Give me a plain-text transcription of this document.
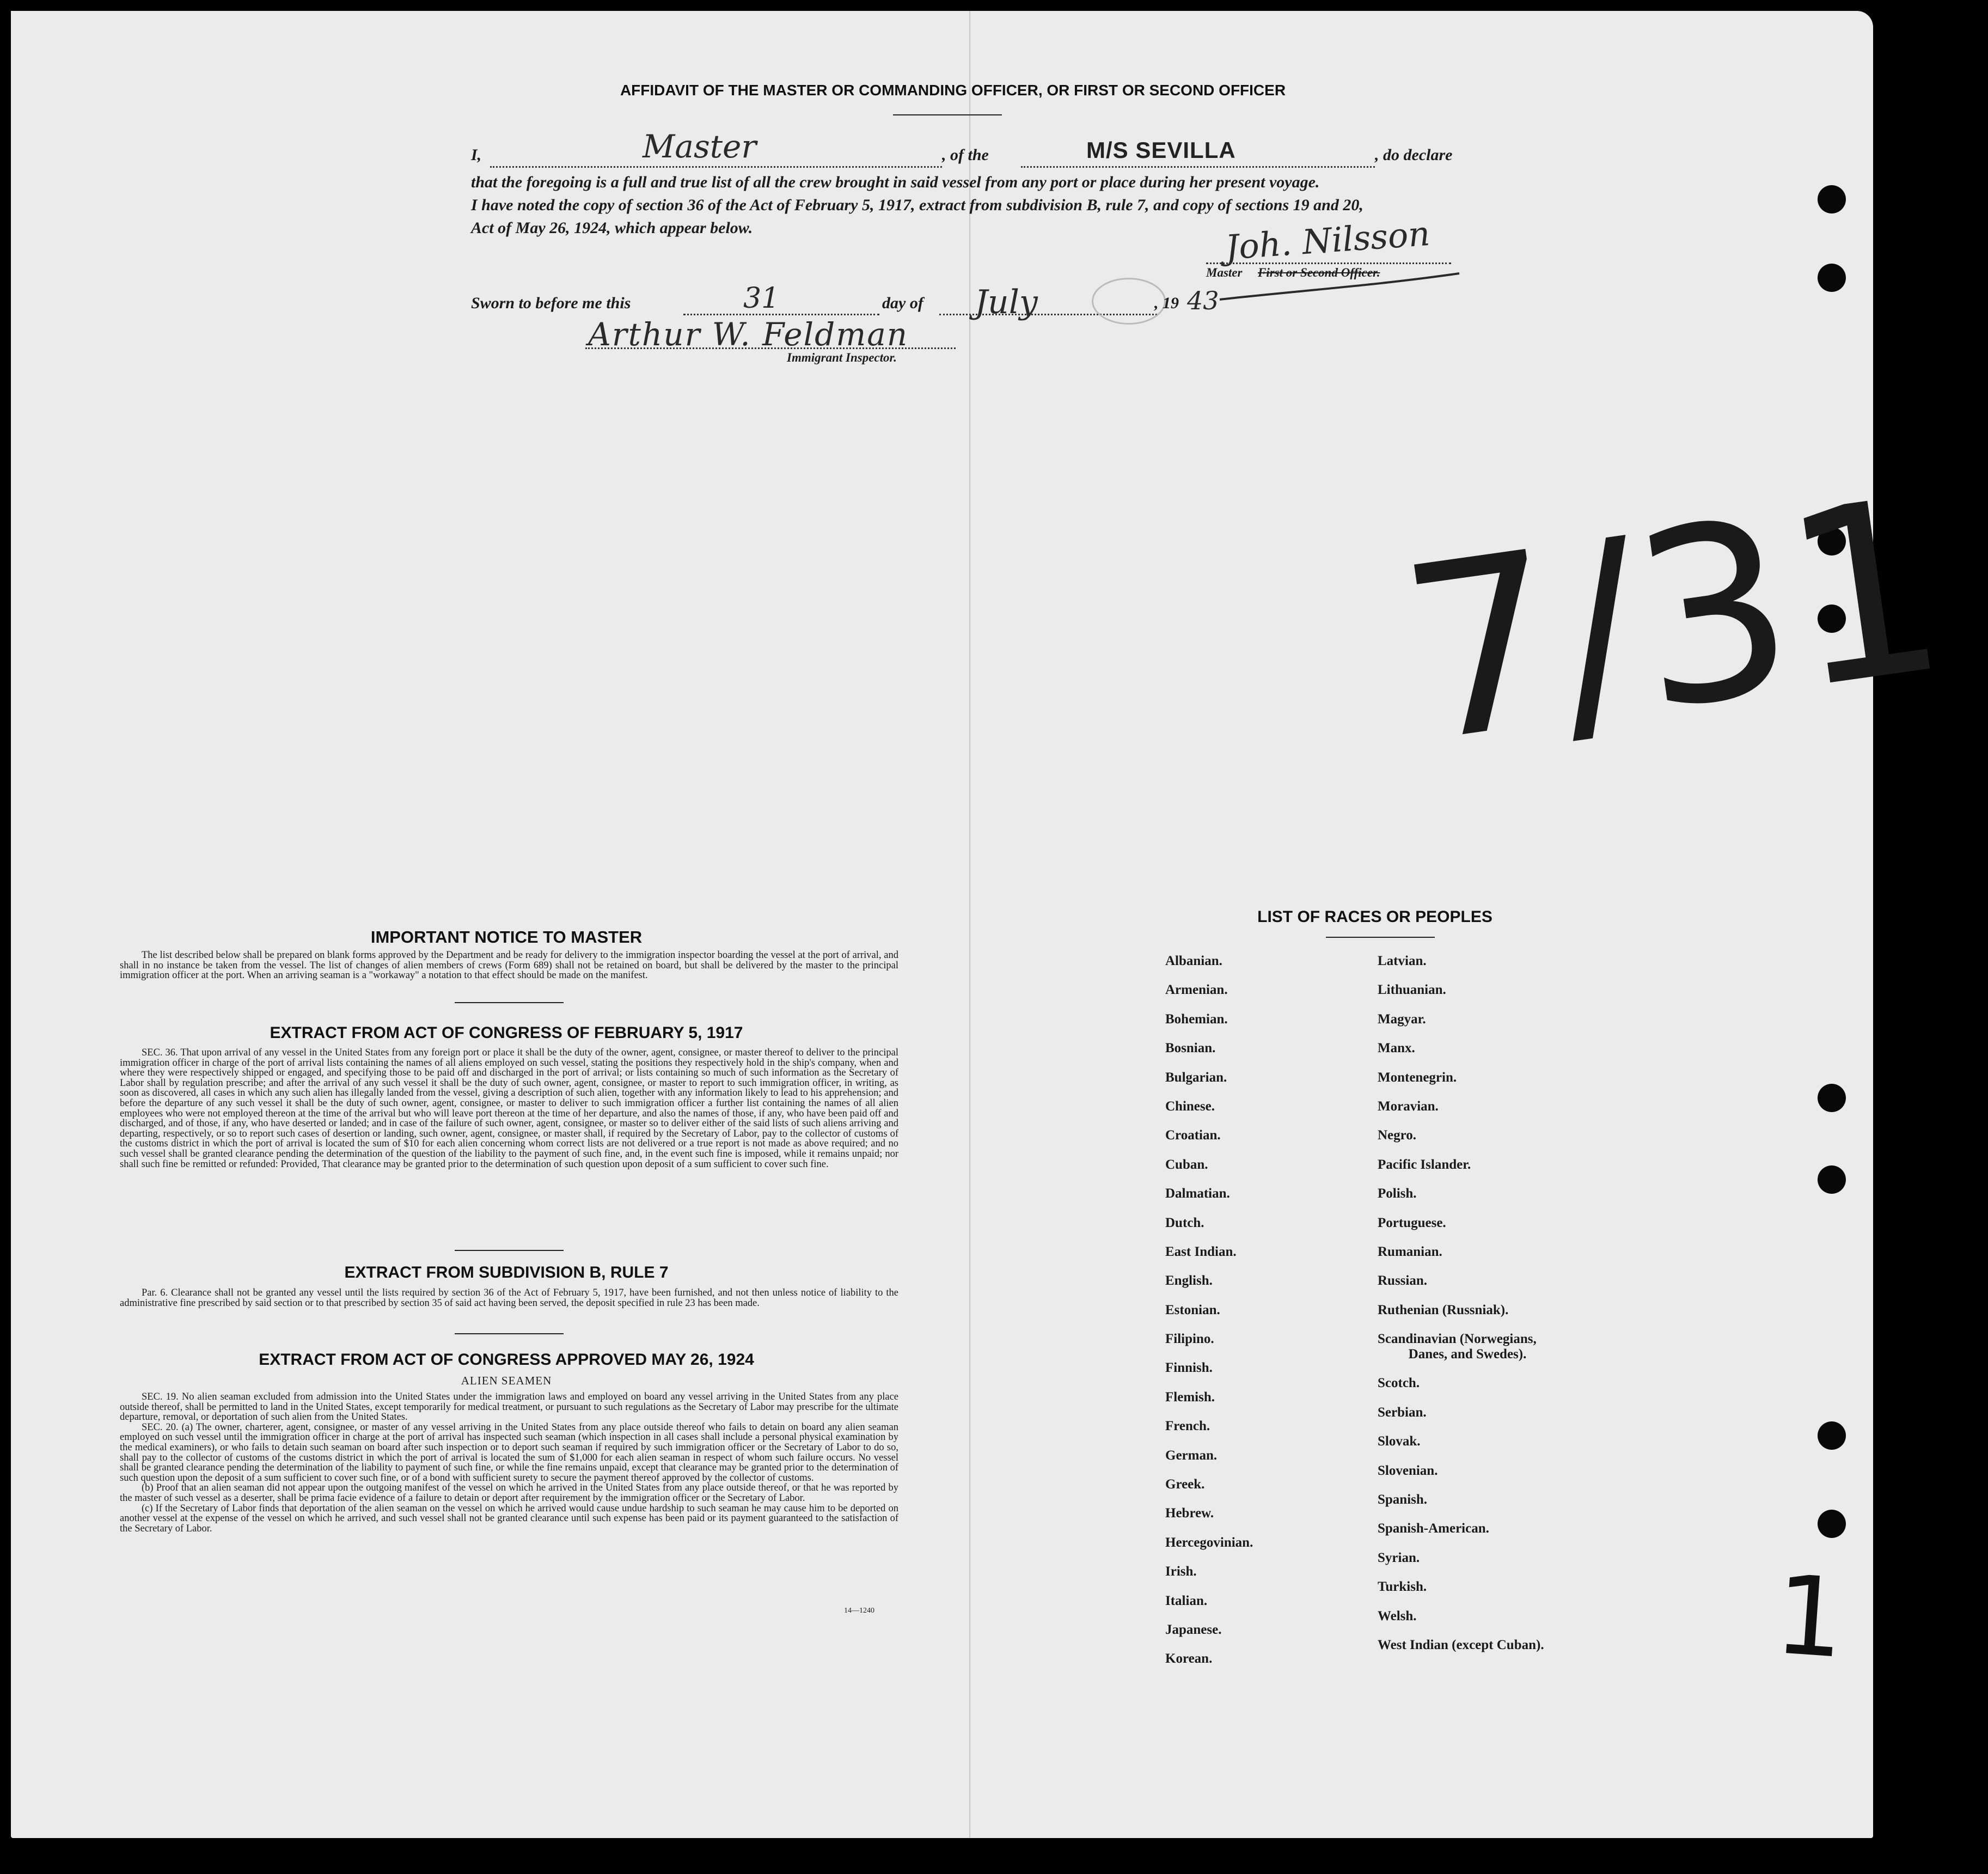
AFFIDAVIT OF THE MASTER OR COMMANDING OFFICER, OR FIRST OR SECOND OFFICER
I,	Master	, of the	M/S SEVILLA	, do declare
that the foregoing is a full and true list of all the crew brought in said vessel from any port or place during her present voyage.
I have noted the copy of section 36 of the Act of February 5, 1917, extract from subdivision B, rule 7, and copy of sections 19 and 20,
Act of May 26, 1924, which appear below.	Joh. Nilsson
Master First or Second Officer.
Sworn to before me this	31	day of July	, 19 43
Arthur W. Feldman
Immigrant Inspector.
7/31
1
IMPORTANT NOTICE TO MASTER

The list described below shall be prepared on blank forms approved by the Department and be ready for delivery to the immigration inspector boarding the vessel at the port of arrival, and shall in no instance be taken from the vessel. The list of changes of alien members of crews (Form 689) shall not be retained on board, but shall be delivered by the master to the principal immigration officer at the port. When an arriving seaman is a "workaway" a notation to that effect should be made on the manifest.

EXTRACT FROM ACT OF CONGRESS OF FEBRUARY 5, 1917

SEC. 36. That upon arrival of any vessel in the United States from any foreign port or place it shall be the duty of the owner, agent, consignee, or master thereof to deliver to the principal immigration officer in charge of the port of arrival lists containing the names of all aliens employed on such vessel, stating the positions they respectively hold in the ship's company, when and where they were respectively shipped or engaged, and specifying those to be paid off and discharged in the port of arrival; or lists containing so much of such information as the Secretary of Labor shall by regulation prescribe; and after the arrival of any such vessel it shall be the duty of such owner, agent, consignee, or master to report to such immigration officer, in writing, as soon as discovered, all cases in which any such alien has illegally landed from the vessel, giving a description of such alien, together with any information likely to lead to his apprehension; and before the departure of any such vessel it shall be the duty of such owner, agent, consignee, or master to deliver to such immigration officer a further list containing the names of all alien employees who were not employed thereon at the time of the arrival but who will leave port thereon at the time of her departure, and also the names of those, if any, who have been paid off and discharged, and of those, if any, who have deserted or landed; and in case of the failure of such owner, agent, consignee, or master so to deliver either of the said lists of such aliens arriving and departing, respectively, or so to report such cases of desertion or landing, such owner, agent, consignee, or master shall, if required by the Secretary of Labor, pay to the collector of customs of the customs district in which the port of arrival is located the sum of $10 for each alien concerning whom correct lists are not delivered or a true report is not made as above required; and no such vessel shall be granted clearance pending the determination of the question of the liability to the payment of such fine, and, in the event such fine is imposed, while it remains unpaid; nor shall such fine be remitted or refunded: Provided, That clearance may be granted prior to the determination of such question upon deposit of a sum sufficient to cover such fine.

EXTRACT FROM SUBDIVISION B, RULE 7

Par. 6. Clearance shall not be granted any vessel until the lists required by section 36 of the Act of February 5, 1917, have been furnished, and not then unless notice of liability to the administrative fine prescribed by said section or to that prescribed by section 35 of said act having been served, the deposit specified in rule 23 has been made.

EXTRACT FROM ACT OF CONGRESS APPROVED MAY 26, 1924
ALIEN SEAMEN

SEC. 19. No alien seaman excluded from admission into the United States under the immigration laws and employed on board any vessel arriving in the United States from any place outside thereof, shall be permitted to land in the United States, except temporarily for medical treatment, or pursuant to such regulations as the Secretary of Labor may prescribe for the ultimate departure, removal, or deportation of such alien from the United States.

SEC. 20. (a) The owner, charterer, agent, consignee, or master of any vessel arriving in the United States from any place outside thereof who fails to detain on board any alien seaman employed on such vessel until the immigration officer in charge at the port of arrival has inspected such seaman (which inspection in all cases shall include a personal physical examination by the medical examiners), or who fails to detain such seaman on board after such inspection or to deport such seaman if required by such immigration officer or the Secretary of Labor to do so, shall pay to the collector of customs of the customs district in which the port of arrival is located the sum of $1,000 for each alien seaman in respect of whom such failure occurs. No vessel shall be granted clearance pending the determination of the liability to payment of such fine, or while the fine remains unpaid, except that clearance may be granted prior to the determination of such question upon the deposit of a sum sufficient to cover such fine, or of a bond with sufficient surety to secure the payment thereof approved by the collector of customs.

(b) Proof that an alien seaman did not appear upon the outgoing manifest of the vessel on which he arrived in the United States from any place outside thereof, or that he was reported by the master of such vessel as a deserter, shall be prima facie evidence of a failure to detain or deport after requirement by the immigration officer or the Secretary of Labor.

(c) If the Secretary of Labor finds that deportation of the alien seaman on the vessel on which he arrived would cause undue hardship to such seaman he may cause him to be deported on another vessel at the expense of the vessel on which he arrived, and such vessel shall not be granted clearance until such expense has been paid or its payment guaranteed to the satisfaction of the Secretary of Labor.

14—1240
LIST OF RACES OR PEOPLES
Albanian.
Armenian.
Bohemian.
Bosnian.
Bulgarian.
Chinese.
Croatian.
Cuban.
Dalmatian.
Dutch.
East Indian.
English.
Estonian.
Filipino.
Finnish.
Flemish.
French.
German.
Greek.
Hebrew.
Hercegovinian.
Irish.
Italian.
Japanese.
Korean.
Latvian.
Lithuanian.
Magyar.
Manx.
Montenegrin.
Moravian.
Negro.
Pacific Islander.
Polish.
Portuguese.
Rumanian.
Russian.
Ruthenian (Russniak).
Scandinavian (Norwegians,
Danes, and Swedes).
Scotch.
Serbian.
Slovak.
Slovenian.
Spanish.
Spanish-American.
Syrian.
Turkish.
Welsh.
West Indian (except Cuban).
